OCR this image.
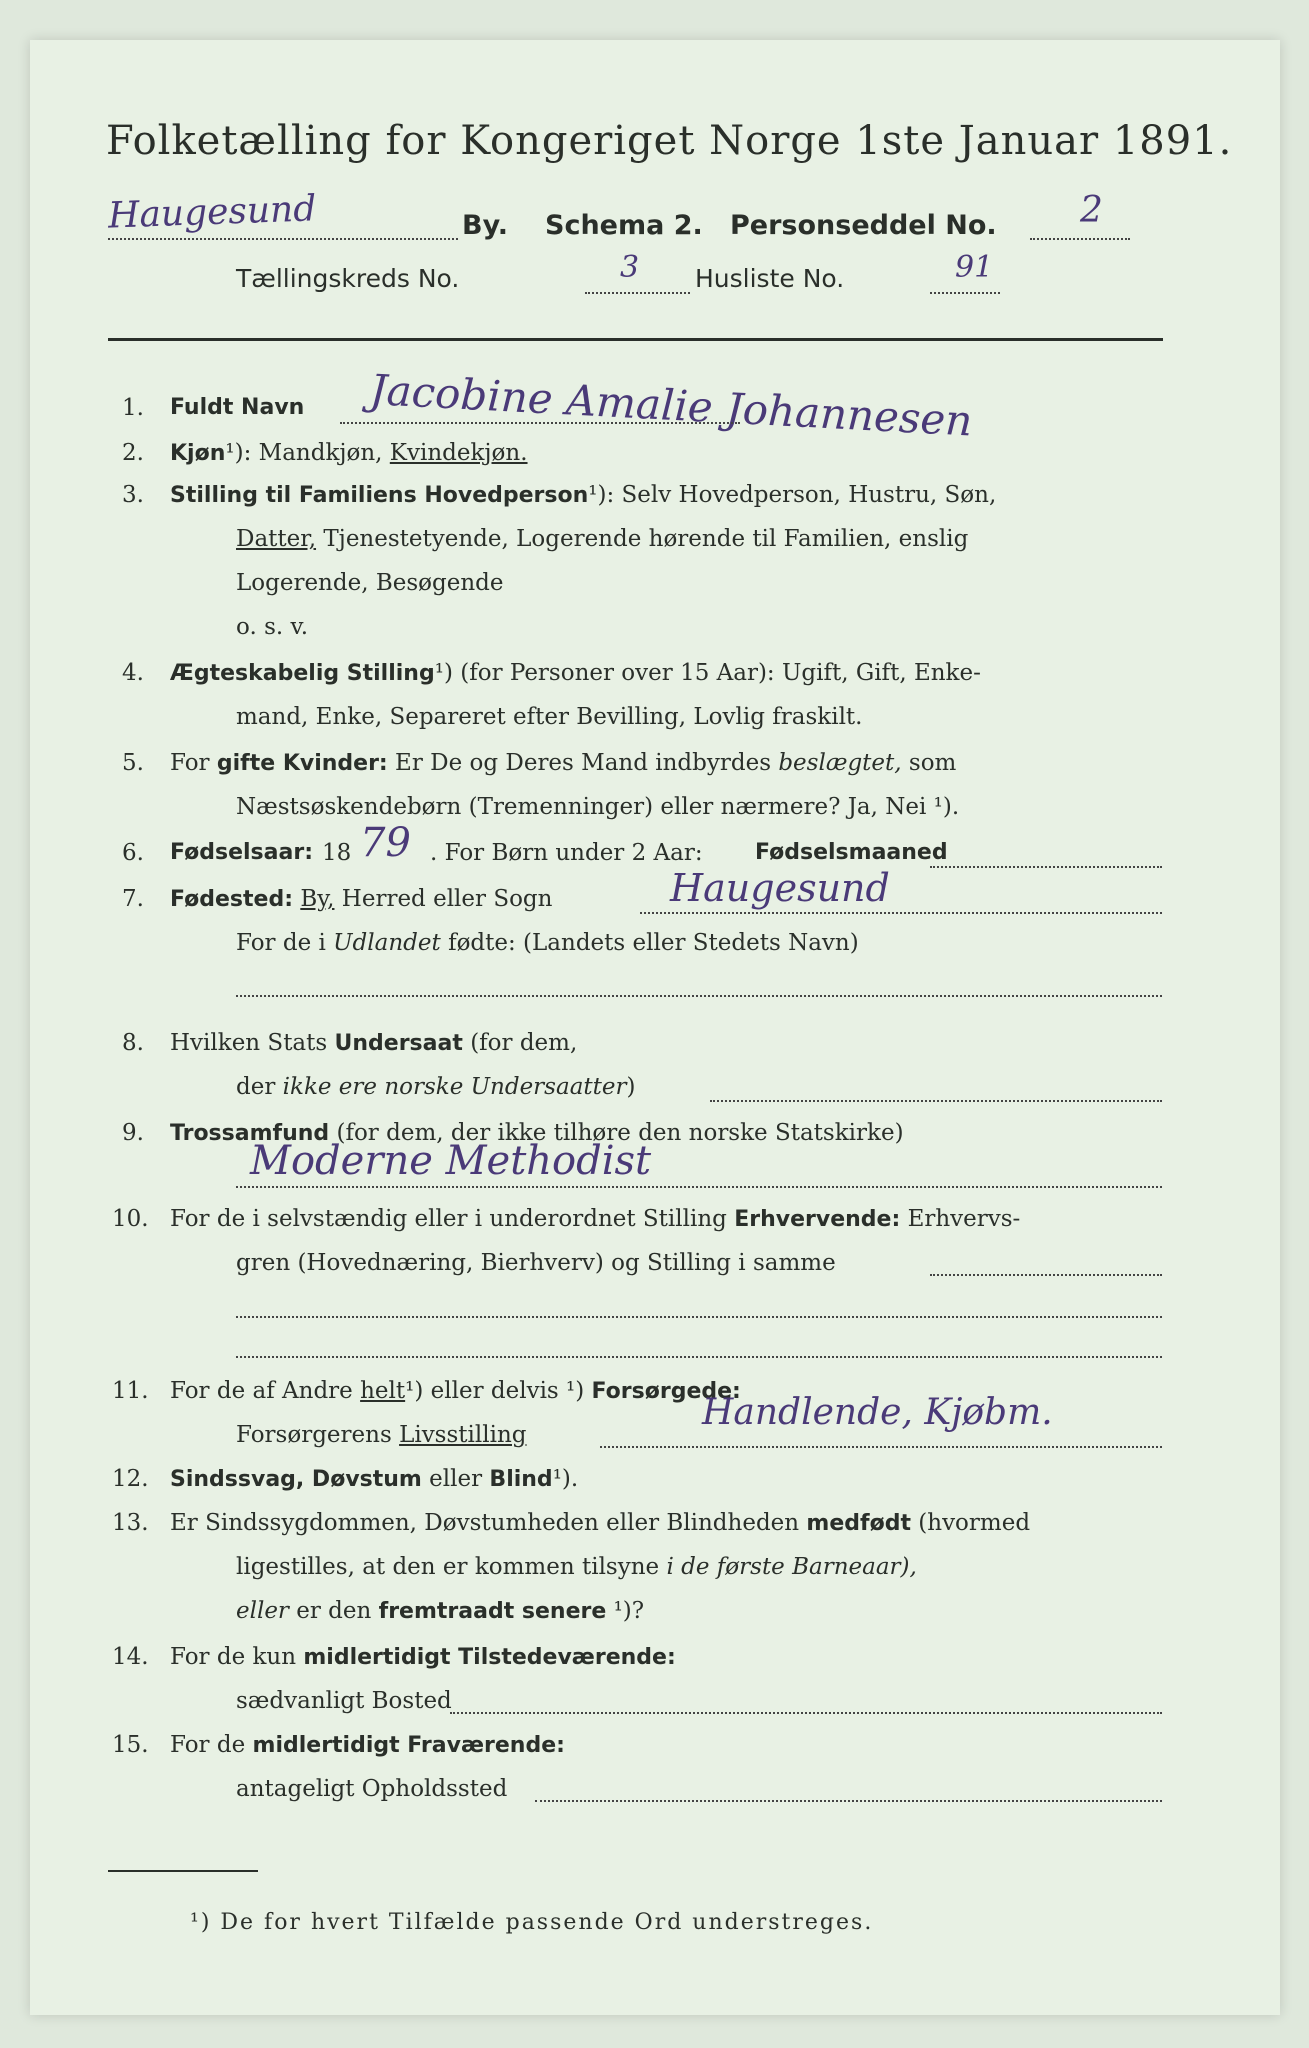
Folketælling for Kongeriget Norge 1ste Januar 1891.
Haugesund	By. Schema 2. Personseddel No. 2
Tællingskreds No.	3 Husliste No.	91
1. Fuldt Navn Jacobine Amalie Johannesen
2. Kjøn¹): Mandkjøn, Kvindekjøn.
3. Stilling til Familiens Hovedperson¹): Selv Hovedperson, Hustru, Søn,
Datter, Tjenestetyende, Logerende hørende til Familien, enslig
Logerende, Besøgende
o. s. v.
4. Ægteskabelig Stilling¹) (for Personer over 15 Aar): Ugift, Gift, Enke-
mand, Enke, Separeret efter Bevilling, Lovlig fraskilt.
5. For gifte Kvinder: Er De og Deres Mand indbyrdes beslægtet, som
Næstsøskendebørn (Tremenninger) eller nærmere? Ja, Nei ¹).
6. Fødselsaar: 18 79 . For Børn under 2 Aar: Fødselsmaaned
7. Fødested: By, Herred eller Sogn	Haugesund
For de i Udlandet fødte: (Landets eller Stedets Navn)
8. Hvilken Stats Undersaat (for dem,
der ikke ere norske Undersaatter)
9. Trossamfund (for dem, der ikke tilhøre den norske Statskirke)
Moderne Methodist
10. For de i selvstændig eller i underordnet Stilling Erhvervende: Erhvervs-
gren (Hovednæring, Bierhverv) og Stilling i samme
11. For de af Andre helt¹) eller delvis ¹) Forsørgede:
Forsørgerens Livsstilling
Handlende, Kjøbm.
12. Sindssvag, Døvstum eller Blind¹).
13. Er Sindssygdommen, Døvstumheden eller Blindheden medfødt (hvormed
ligestilles, at den er kommen tilsyne i de første Barneaar),
eller er den fremtraadt senere ¹)?
14. For de kun midlertidigt Tilstedeværende:
sædvanligt Bosted
15. For de midlertidigt Fraværende:
antageligt Opholdssted
¹) De for hvert Tilfælde passende Ord understreges.
